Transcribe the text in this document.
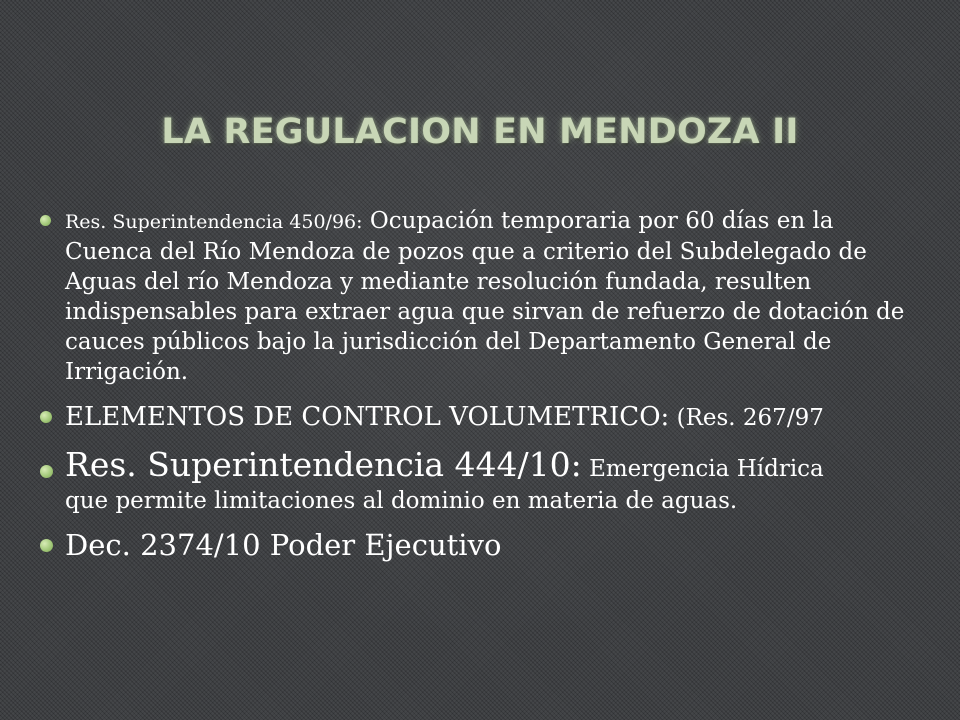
LA REGULACION EN MENDOZA II
Res. Superintendencia 450/96: Ocupación temporaria por 60 días en la Cuenca del Río Mendoza de pozos que a criterio del Subdelegado de Aguas del río Mendoza y mediante resolución fundada, resulten indispensables para extraer agua que sirvan de refuerzo de dotación de cauces públicos bajo la jurisdicción del Departamento General de Irrigación.
ELEMENTOS DE CONTROL VOLUMETRICO: (Res. 267/97
Res. Superintendencia 444/10: Emergencia Hídrica
que permite limitaciones al dominio en materia de aguas.
Dec. 2374/10 Poder Ejecutivo
